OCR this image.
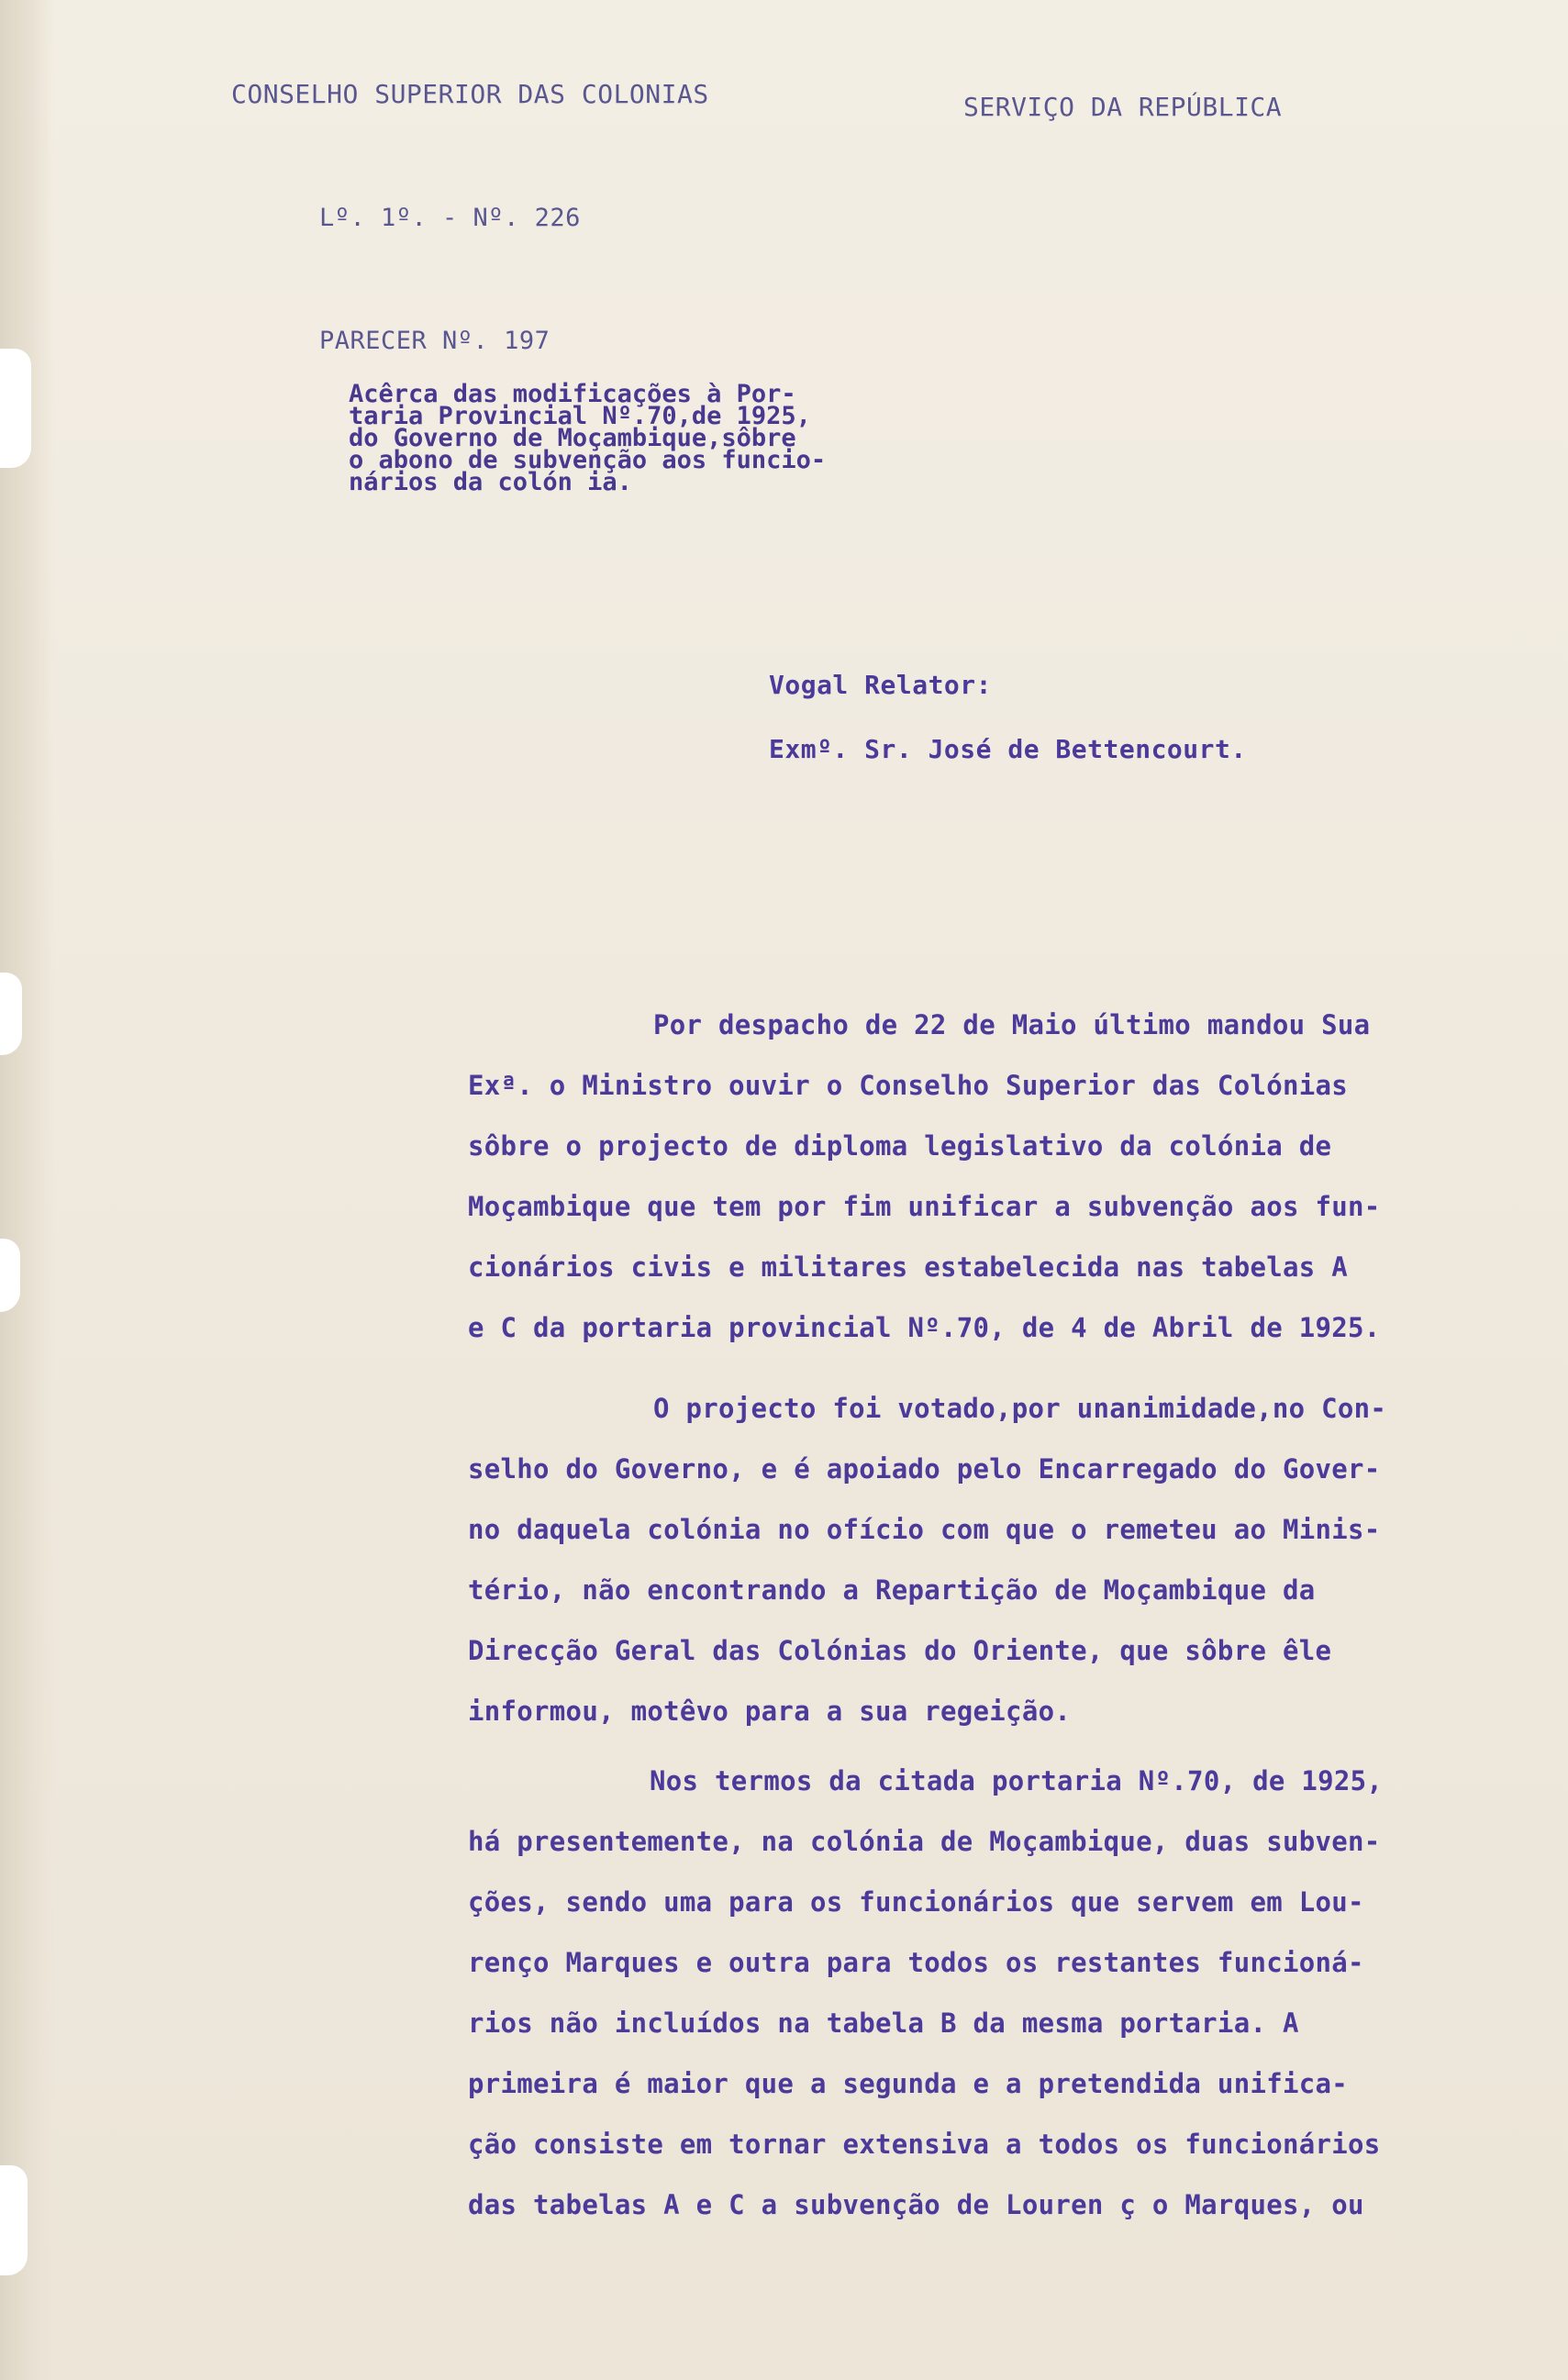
CONSELHO SUPERIOR DAS COLONIAS	SERVIÇO DA REPÚBLICA
Lº. 1º. - Nº. 226
PARECER Nº. 197
Acêrca das modificações à Por-
taria Provincial Nº.70,de 1925,
do Governo de Moçambique,sôbre
o abono de subvenção aos funcio-
nários da colón ia.
Vogal Relator:
Exmº. Sr. José de Bettencourt.
Por despacho de 22 de Maio último mandou Sua
Exª. o Ministro ouvir o Conselho Superior das Colónias
sôbre o projecto de diploma legislativo da colónia de
Moçambique que tem por fim unificar a subvenção aos fun-
cionários civis e militares estabelecida nas tabelas A
e C da portaria provincial Nº.70, de 4 de Abril de 1925.
O projecto foi votado,por unanimidade,no Con-
selho do Governo, e é apoiado pelo Encarregado do Gover-
no daquela colónia no ofício com que o remeteu ao Minis-
tério, não encontrando a Repartição de Moçambique da
Direcção Geral das Colónias do Oriente, que sôbre êle
informou, motêvo para a sua regeição.
Nos termos da citada portaria Nº.70, de 1925,
há presentemente, na colónia de Moçambique, duas subven-
ções, sendo uma para os funcionários que servem em Lou-
renço Marques e outra para todos os restantes funcioná-
rios não incluídos na tabela B da mesma portaria. A
primeira é maior que a segunda e a pretendida unifica-
ção consiste em tornar extensiva a todos os funcionários
das tabelas A e C a subvenção de Louren ç o Marques, ou
